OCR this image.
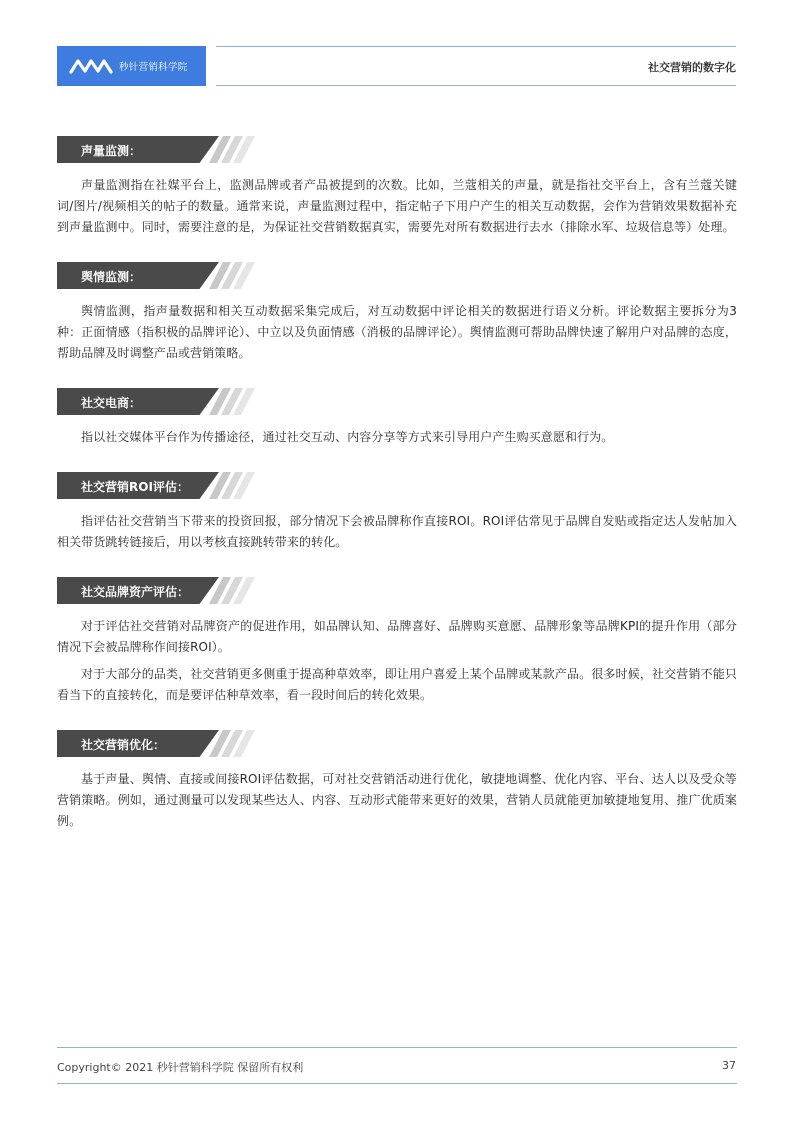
秒针营销科学院	社交营销的数字化
声量监测：

声量监测指在社媒平台上，监测品牌或者产品被提到的次数。比如，兰蔻相关的声量，就是指社交平台上，含有兰蔻关键词/图片/视频相关的帖子的数量。通常来说，声量监测过程中，指定帖子下用户产生的相关互动数据，会作为营销效果数据补充到声量监测中。同时，需要注意的是，为保证社交营销数据真实，需要先对所有数据进行去水（排除水军、垃圾信息等）处理。

舆情监测：

舆情监测，指声量数据和相关互动数据采集完成后，对互动数据中评论相关的数据进行语义分析。评论数据主要拆分为3种：正面情感（指积极的品牌评论）、中立以及负面情感（消极的品牌评论）。舆情监测可帮助品牌快速了解用户对品牌的态度，帮助品牌及时调整产品或营销策略。

社交电商：

指以社交媒体平台作为传播途径，通过社交互动、内容分享等方式来引导用户产生购买意愿和行为。

社交营销ROI评估：

指评估社交营销当下带来的投资回报，部分情况下会被品牌称作直接ROI。ROI评估常见于品牌自发贴或指定达人发帖加入相关带货跳转链接后，用以考核直接跳转带来的转化。

社交品牌资产评估：

对于评估社交营销对品牌资产的促进作用，如品牌认知、品牌喜好、品牌购买意愿、品牌形象等品牌KPI的提升作用（部分情况下会被品牌称作间接ROI）。

对于大部分的品类，社交营销更多侧重于提高种草效率，即让用户喜爱上某个品牌或某款产品。很多时候，社交营销不能只看当下的直接转化，而是要评估种草效率，看一段时间后的转化效果。

社交营销优化：

基于声量、舆情、直接或间接ROI评估数据，可对社交营销活动进行优化，敏捷地调整、优化内容、平台、达人以及受众等营销策略。例如，通过测量可以发现某些达人、内容、互动形式能带来更好的效果，营销人员就能更加敏捷地复用、推广优质案例。

Copyright© 2021 秒针营销科学院 保留所有权利	37
